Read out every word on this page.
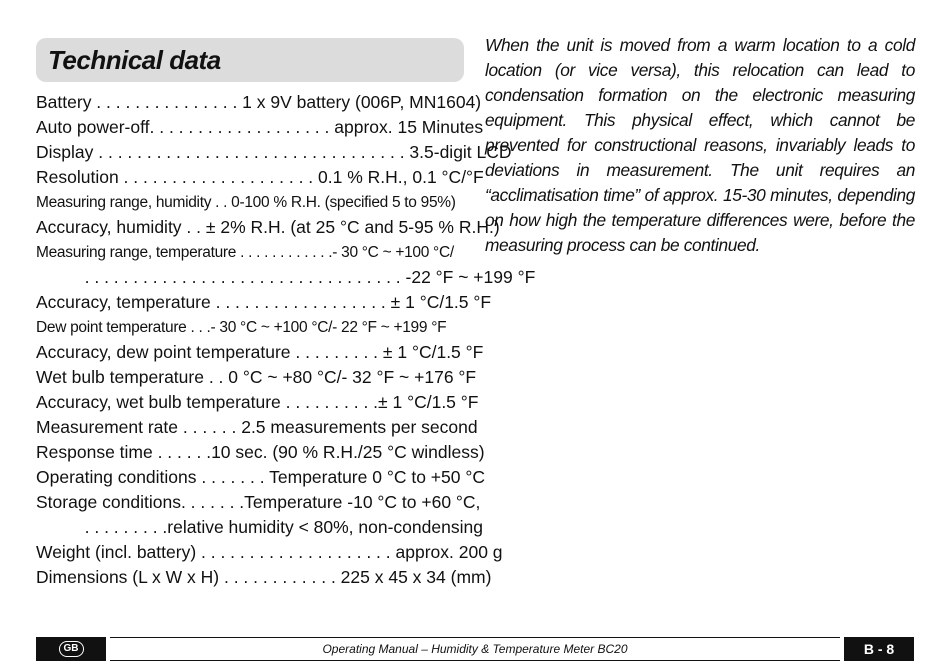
Technical data
Battery . . . . . . . . . . . . . . . 1 x 9V battery (006P, MN1604)
Auto power-off. . . . . . . . . . . . . . . . . . . approx. 15 Minutes
Display . . . . . . . . . . . . . . . . . . . . . . . . . . . . . . . . 3.5-digit LCD
Resolution . . . . . . . . . . . . . . . . . . . . 0.1 % R.H., 0.1 °C/°F
Measuring range, humidity . . 0-100 % R.H. (specified 5 to 95%)
Accuracy, humidity . . ± 2% R.H. (at 25 °C and 5-95 % R.H.)
Measuring range, temperature . . . . . . . . . . . .- 30 °C ~ +100 °C/
. . . . . . . . . . . . . . . . . . . . . . . . . . . . . . . . . -22 °F ~ +199 °F
Accuracy, temperature . . . . . . . . . . . . . . . . . . ± 1 °C/1.5 °F
Dew point temperature . . .- 30 °C ~ +100 °C/- 22 °F ~ +199 °F
Accuracy, dew point temperature . . . . . . . . . ± 1 °C/1.5 °F
Wet bulb temperature . . 0 °C ~ +80 °C/- 32 °F ~ +176 °F
Accuracy, wet bulb temperature . . . . . . . . . .± 1 °C/1.5 °F
Measurement rate . . . . . . 2.5 measurements per second
Response time . . . . . .10 sec. (90 % R.H./25 °C windless)
Operating conditions . . . . . . . Temperature 0 °C to +50 °C
Storage conditions. . . . . . .Temperature -10 °C to +60 °C,
. . . . . . . . .relative humidity < 80%, non-condensing
Weight (incl. battery) . . . . . . . . . . . . . . . . . . . . approx. 200 g
Dimensions (L x W x H) . . . . . . . . . . . . 225 x 45 x 34 (mm)
When the unit is moved from a warm location to a cold location (or vice versa), this relocation can lead to condensation formation on the electronic measuring equipment. This physical effect, which cannot be prevented for constructional reasons, invariably leads to deviations in measurement. The unit requires an “acclimatisation time” of approx. 15-30 minutes, depending on how high the temperature differences were, before the measuring process can be continued.
GB	Operating Manual – Humidity & Temperature Meter BC20	B - 8
